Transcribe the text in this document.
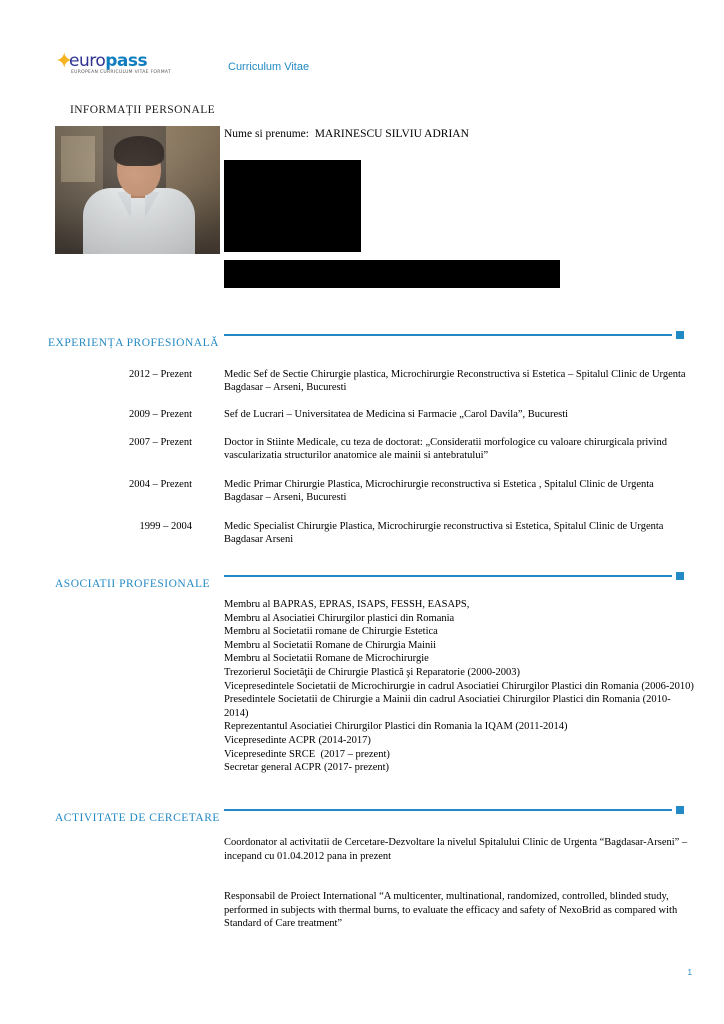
✦
europass
EUROPEAN CURRICULUM VITAE FORMAT	Curriculum Vitae
INFORMAȚII PERSONALE
Nume si prenume: MARINESCU SILVIU ADRIAN
EXPERIENȚA PROFESIONALĂ
2012 – Prezent	Medic Sef de Sectie Chirurgie plastica, Microchirurgie Reconstructiva si Estetica – Spitalul Clinic de Urgenta Bagdasar – Arseni, Bucuresti
2009 – Prezent	Sef de Lucrari – Universitatea de Medicina si Farmacie „Carol Davila”, Bucuresti
2007 – Prezent	Doctor in Stiinte Medicale, cu teza de doctorat: „Consideratii morfologice cu valoare chirurgicala privind vascularizatia structurilor anatomice ale mainii si antebratului”
2004 – Prezent	Medic Primar Chirurgie Plastica, Microchirurgie reconstructiva si Estetica , Spitalul Clinic de Urgenta Bagdasar – Arseni, Bucuresti
1999 – 2004	Medic Specialist Chirurgie Plastica, Microchirurgie reconstructiva si Estetica, Spitalul Clinic de Urgenta Bagdasar Arseni
ASOCIATII PROFESIONALE
Membru al BAPRAS, EPRAS, ISAPS, FESSH, EASAPS,
Membru al Asociatiei Chirurgilor plastici din Romania
Membru al Societatii romane de Chirurgie Estetica
Membru al Societatii Romane de Chirurgia Mainii
Membru al Societatii Romane de Microchirurgie
Trezorierul Societăţii de Chirurgie Plastică şi Reparatorie (2000-2003)
Vicepresedintele Societatii de Microchirurgie in cadrul Asociatiei Chirurgilor Plastici din Romania (2006-2010)
Presedintele Societatii de Chirurgie a Mainii din cadrul Asociatiei Chirurgilor Plastici din Romania (2010-2014)
Reprezentantul Asociatiei Chirurgilor Plastici din Romania la IQAM (2011-2014)
Vicepresedinte ACPR (2014-2017)
Vicepresedinte SRCE  (2017 – prezent)
Secretar general ACPR (2017- prezent)
ACTIVITATE DE CERCETARE
Coordonator al activitatii de Cercetare-Dezvoltare la nivelul Spitalului Clinic de Urgenta “Bagdasar-Arseni” – incepand cu 01.04.2012 pana in prezent
Responsabil de Proiect International “A multicenter, multinational, randomized, controlled, blinded study, performed in subjects with thermal burns, to evaluate the efficacy and safety of NexoBrid as compared with Standard of Care treatment”
1
